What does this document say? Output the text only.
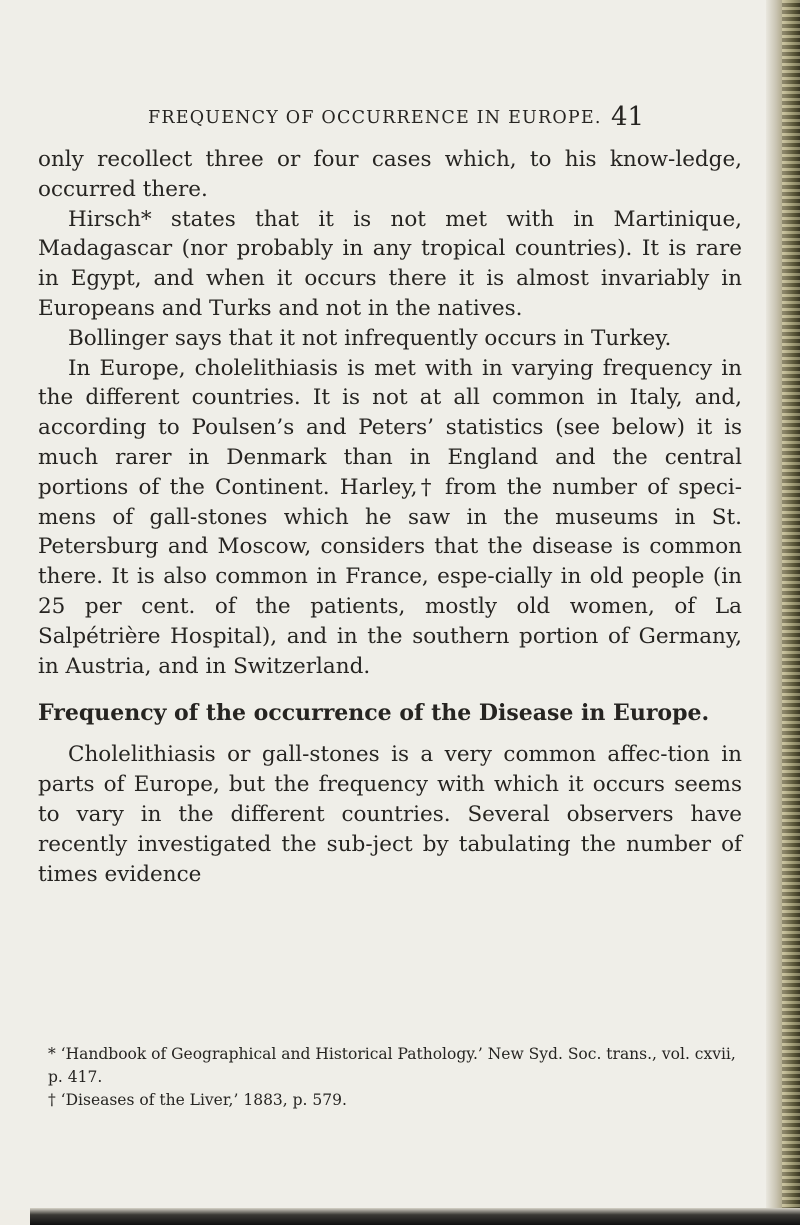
FREQUENCY OF OCCURRENCE IN EUROPE. 41

only recollect three or four cases which, to his know-ledge, occurred there.

Hirsch* states that it is not met with in Martinique, Madagascar (nor probably in any tropical countries). It is rare in Egypt, and when it occurs there it is almost invariably in Europeans and Turks and not in the natives.

Bollinger says that it not infrequently occurs in Turkey.

In Europe, cholelithiasis is met with in varying frequency in the different countries. It is not at all common in Italy, and, according to Poulsen’s and Peters’ statistics (see below) it is much rarer in Denmark than in England and the central portions of the Continent. Harley,† from the number of speci-mens of gall-stones which he saw in the museums in St. Petersburg and Moscow, considers that the disease is common there. It is also common in France, espe-cially in old people (in 25 per cent. of the patients, mostly old women, of La Salpétrière Hospital), and in the southern portion of Germany, in Austria, and in Switzerland.

Frequency of the occurrence of the Disease in Europe.

Cholelithiasis or gall-stones is a very common affec-tion in parts of Europe, but the frequency with which it occurs seems to vary in the different countries. Several observers have recently investigated the sub-ject by tabulating the number of times evidence

* ‘Handbook of Geographical and Historical Pathology.’ New Syd. Soc. trans., vol. cxvii, p. 417.

† ‘Diseases of the Liver,’ 1883, p. 579.
